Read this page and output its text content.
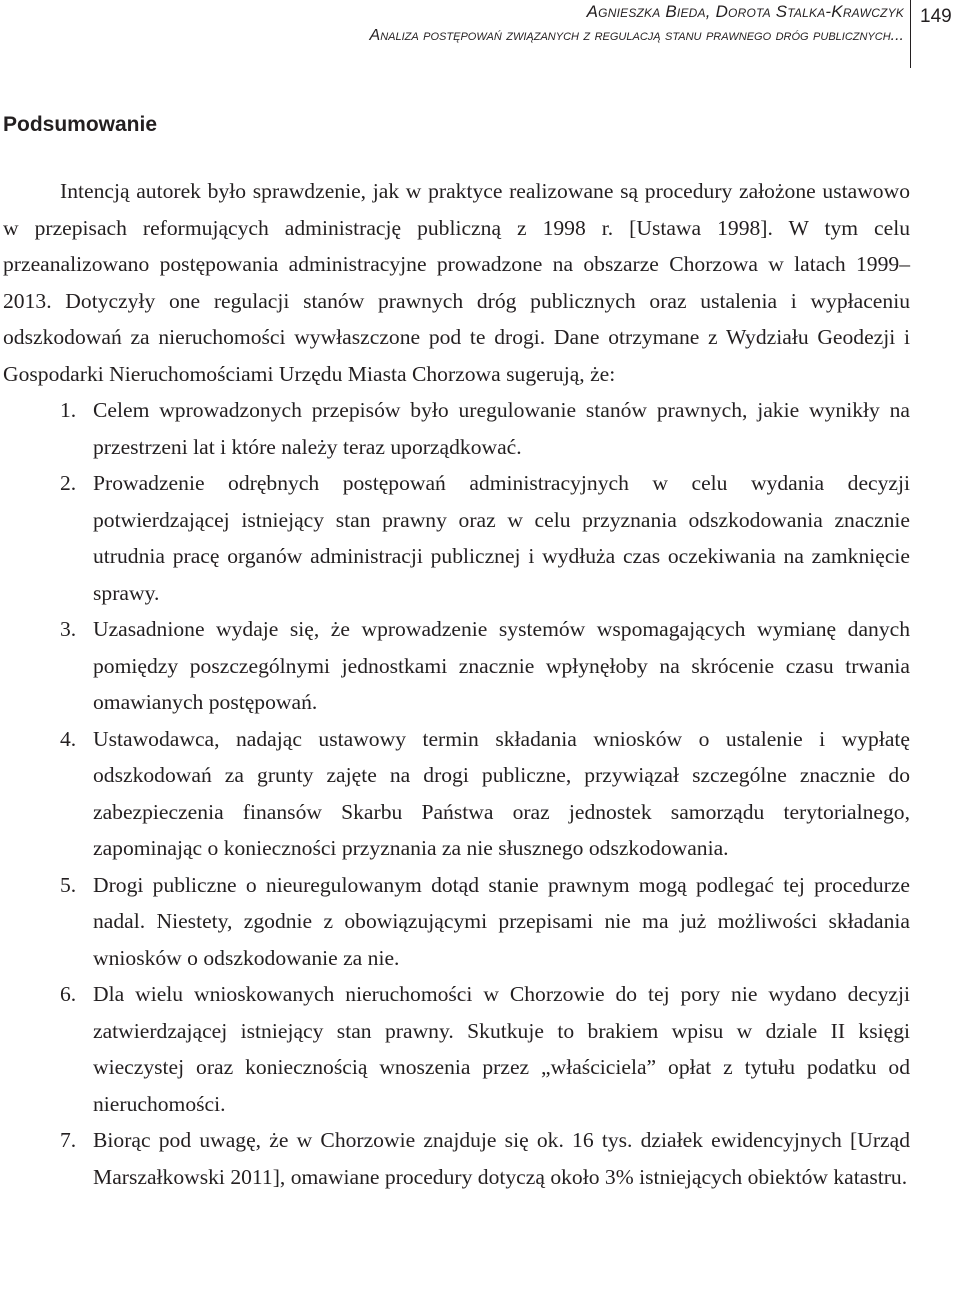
Agnieszka Bieda, Dorota Stalka-Krawczyk
Analiza postępowań związanych z regulacją stanu prawnego dróg publicznych...
149
Podsumowanie

Intencją autorek było sprawdzenie, jak w praktyce realizowane są procedury założone ustawowo w przepisach reformujących administrację publiczną z 1998 r. [Ustawa 1998]. W tym celu przeanalizowano postępowania administracyjne prowadzone na obszarze Chorzowa w latach 1999–2013. Dotyczyły one regulacji stanów prawnych dróg publicznych oraz ustalenia i wypłaceniu odszkodowań za nieruchomości wywłaszczone pod te drogi. Dane otrzymane z Wydziału Geodezji i Gospodarki Nieruchomościami Urzędu Miasta Chorzowa sugerują, że:

1. Celem wprowadzonych przepisów było uregulowanie stanów prawnych, jakie wynikły na przestrzeni lat i które należy teraz uporządkować.
2. Prowadzenie odrębnych postępowań administracyjnych w celu wydania decyzji potwierdzającej istniejący stan prawny oraz w celu przyznania odszkodowania znacznie utrudnia pracę organów administracji publicznej i wydłuża czas oczekiwania na zamknięcie sprawy.
3. Uzasadnione wydaje się, że wprowadzenie systemów wspomagających wymianę danych pomiędzy poszczególnymi jednostkami znacznie wpłynęłoby na skrócenie czasu trwania omawianych postępowań.
4. Ustawodawca, nadając ustawowy termin składania wniosków o ustalenie i wypłatę odszkodowań za grunty zajęte na drogi publiczne, przywiązał szczególne znacznie do zabezpieczenia finansów Skarbu Państwa oraz jednostek samorządu terytorialnego, zapominając o konieczności przyznania za nie słusznego odszkodowania.
5. Drogi publiczne o nieuregulowanym dotąd stanie prawnym mogą podlegać tej procedurze nadal. Niestety, zgodnie z obowiązującymi przepisami nie ma już możliwości składania wniosków o odszkodowanie za nie.
6. Dla wielu wnioskowanych nieruchomości w Chorzowie do tej pory nie wydano decyzji zatwierdzającej istniejący stan prawny. Skutkuje to brakiem wpisu w dziale II księgi wieczystej oraz koniecznością wnoszenia przez „właściciela” opłat z tytułu podatku od nieruchomości.
7. Biorąc pod uwagę, że w Chorzowie znajduje się ok. 16 tys. działek ewidencyjnych [Urząd Marszałkowski 2011], omawiane procedury dotyczą około 3% istniejących obiektów katastru.
